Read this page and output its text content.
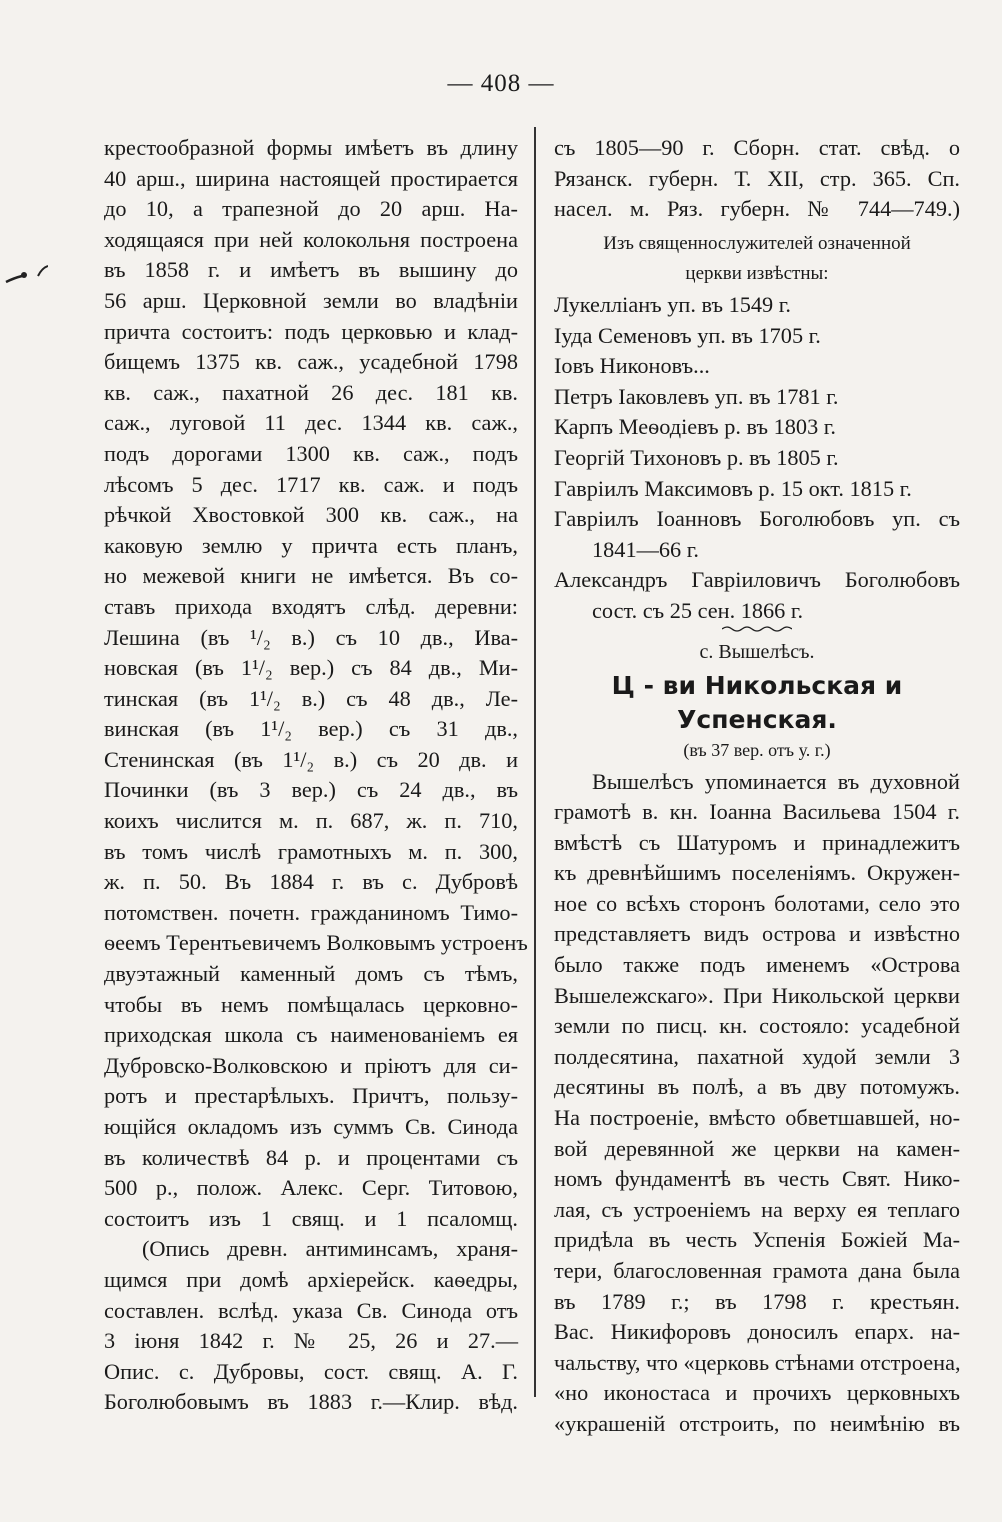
— 408 —
крестообразной формы имѣетъ въ длину
40 арш., ширина настоящей простирается
до 10, а трапезной до 20 арш. На-
ходящаяся при ней колокольня построена
въ 1858 г. и имѣетъ въ вышину до
56 арш. Церковной земли во владѣніи
причта состоитъ: подъ церковью и клад-
бищемъ 1375 кв. саж., усадебной 1798
кв. саж., пахатной 26 дес. 181 кв.
саж., луговой 11 дес. 1344 кв. саж.,
подъ дорогами 1300 кв. саж., подъ
лѣсомъ 5 дес. 1717 кв. саж. и подъ
рѣчкой Хвостовкой 300 кв. саж., на
каковую землю у причта есть планъ,
но межевой книги не имѣется. Въ со-
ставъ прихода входятъ слѣд. деревни:
Лешина (въ ¹/₂ в.) съ 10 дв., Ива-
новская (въ 1¹/₂ вер.) съ 84 дв., Ми-
тинская (въ 1¹/₂ в.) съ 48 дв., Ле-
винская (въ 1¹/₂ вер.) съ 31 дв.,
Стенинская (въ 1¹/₂ в.) съ 20 дв. и
Починки (въ 3 вер.) съ 24 дв., въ
коихъ числится м. п. 687, ж. п. 710,
въ томъ числѣ грамотныхъ м. п. 300,
ж. п. 50. Въ 1884 г. въ с. Дубровѣ
потомствен. почетн. гражданиномъ Тимо-
ѳеемъ Терентьевичемъ Волковымъ устроенъ
двуэтажный каменный домъ съ тѣмъ,
чтобы въ немъ помѣщалась церковно-
приходская школа съ наименованіемъ ея
Дубровско-Волковскою и пріютъ для си-
ротъ и престарѣлыхъ. Причтъ, пользу-
ющійся окладомъ изъ суммъ Св. Синода
въ количествѣ 84 р. и процентами съ
500 р., полож. Алекс. Серг. Титовою,
состоитъ изъ 1 свящ. и 1 псаломщ.
(Опись древн. антиминсамъ, храня-
щимся при домѣ архіерейск. каѳедры,
составлен. вслѣд. указа Св. Синода отъ
3 іюня 1842 г. № 25, 26 и 27.—
Опис. с. Дубровы, сост. свящ. А. Г.
Боголюбовымъ въ 1883 г.—Клир. вѣд.
съ 1805—90 г. Сборн. стат. свѣд. о
Рязанск. губерн. Т. XII, стр. 365. Сп.
насел. м. Ряз. губерн. № 744—749.)
Изъ священнослужителей означенной
церкви извѣстны:
Лукелліанъ уп. въ 1549 г.
Іуда Семеновъ уп. въ 1705 г.
Іовъ Никоновъ...
Петръ Іаковлевъ уп. въ 1781 г.
Карпъ Меѳодіевъ р. въ 1803 г.
Георгій Тихоновъ р. въ 1805 г.
Гавріилъ Максимовъ р. 15 окт. 1815 г.
Гавріилъ Іоанновъ Боголюбовъ уп. съ
1841—66 г.
Александръ Гавріиловичъ Боголюбовъ
сост. съ 25 сен. 1866 г.
с. Вышелѣсъ.
Ц - ви Никольская и Успенская.
(въ 37 вер. отъ у. г.)
Вышелѣсъ упоминается въ духовной
грамотѣ в. кн. Іоанна Васильева 1504 г.
вмѣстѣ съ Шатуромъ и принадлежитъ
къ древнѣйшимъ поселеніямъ. Окружен-
ное со всѣхъ сторонъ болотами, село это
представляетъ видъ острова и извѣстно
было также подъ именемъ «Острова
Вышележскаго». При Никольской церкви
земли по писц. кн. состояло: усадебной
полдесятина, пахатной худой земли 3
десятины въ полѣ, а въ дву потомужъ.
На построеніе, вмѣсто обветшавшей, но-
вой деревянной же церкви на камен-
номъ фундаментѣ въ честь Свят. Нико-
лая, съ устроеніемъ на верху ея теплаго
придѣла въ честь Успенія Божіей Ма-
тери, благословенная грамота дана была
въ 1789 г.; въ 1798 г. крестьян.
Вас. Никифоровъ доносилъ епарх. на-
чальству, что «церковь стѣнами отстроена,
«но иконостаса и прочихъ церковныхъ
«украшеній отстроить, по неимѣнію въ
